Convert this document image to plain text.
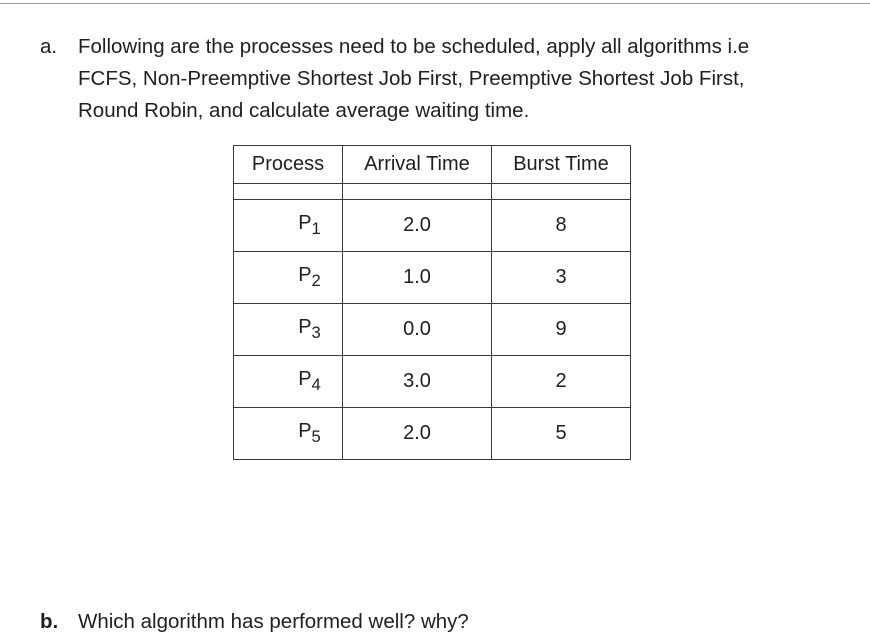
a. Following are the processes need to be scheduled, apply all algorithms i.e
FCFS, Non-Preemptive Shortest Job First, Preemptive Shortest Job First,
Round Robin, and calculate average waiting time.
Process	Arrival Time	Burst Time

$P_1$	2.0	8
$P_2$	1.0	3
$P_3$	0.0	9
$P_4$	3.0	2
$P_5$	2.0	5
b. Which algorithm has performed well? why?
